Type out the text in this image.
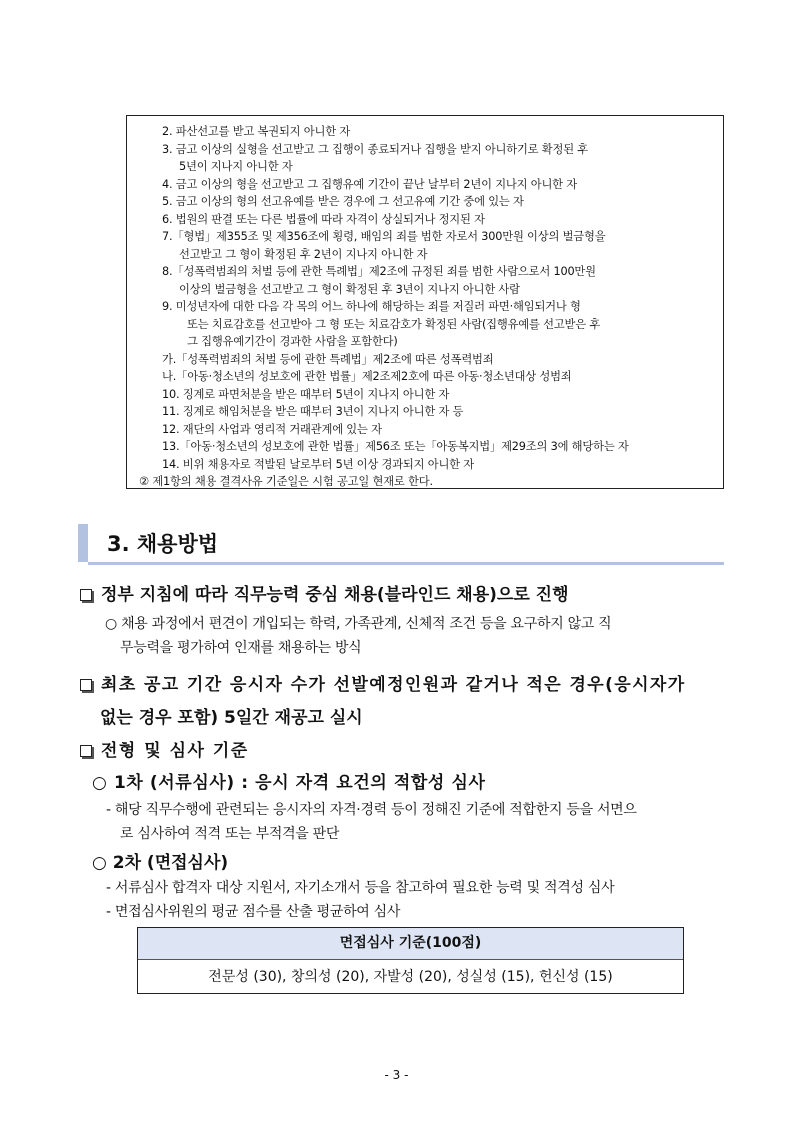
2. 파산선고를 받고 복권되지 아니한 자
3. 금고 이상의 실형을 선고받고 그 집행이 종료되거나 집행을 받지 아니하기로 확정된 후
5년이 지나지 아니한 자
4. 금고 이상의 형을 선고받고 그 집행유예 기간이 끝난 날부터 2년이 지나지 아니한 자
5. 금고 이상의 형의 선고유예를 받은 경우에 그 선고유예 기간 중에 있는 자
6. 법원의 판결 또는 다른 법률에 따라 자격이 상실되거나 정지된 자
7.「형법」제355조 및 제356조에 횡령, 배임의 죄를 범한 자로서 300만원 이상의 벌금형을
선고받고 그 형이 확정된 후 2년이 지나지 아니한 자
8.「성폭력범죄의 처벌 등에 관한 특례법」제2조에 규정된 죄를 범한 사람으로서 100만원
이상의 벌금형을 선고받고 그 형이 확정된 후 3년이 지나지 아니한 사람
9. 미성년자에 대한 다음 각 목의 어느 하나에 해당하는 죄를 저질러 파면·해임되거나 형
또는 치료감호를 선고받아 그 형 또는 치료감호가 확정된 사람(집행유예를 선고받은 후
그 집행유예기간이 경과한 사람을 포함한다)
가.「성폭력범죄의 처벌 등에 관한 특례법」제2조에 따른 성폭력범죄
나.「아동·청소년의 성보호에 관한 법률」제2조제2호에 따른 아동·청소년대상 성범죄
10. 징계로 파면처분을 받은 때부터 5년이 지나지 아니한 자
11. 징계로 해임처분을 받은 때부터 3년이 지나지 아니한 자 등
12. 재단의 사업과 영리적 거래관계에 있는 자
13.「아동·청소년의 성보호에 관한 법률」제56조 또는「아동복지법」제29조의 3에 해당하는 자
14. 비위 채용자로 적발된 날로부터 5년 이상 경과되지 아니한 자
② 제1항의 채용 결격사유 기준일은 시험 공고일 현재로 한다.
3. 채용방법
정부 지침에 따라 직무능력 중심 채용(블라인드 채용)으로 진행
○ 채용 과정에서 편견이 개입되는 학력, 가족관계, 신체적 조건 등을 요구하지 않고 직
무능력을 평가하여 인재를 채용하는 방식
최초 공고 기간 응시자 수가 선발예정인원과 같거나 적은 경우(응시자가
없는 경우 포함) 5일간 재공고 실시
전형 및 심사 기준
○ 1차 (서류심사) : 응시 자격 요건의 적합성 심사
- 해당 직무수행에 관련되는 응시자의 자격·경력 등이 정해진 기준에 적합한지 등을 서면으
로 심사하여 적격 또는 부적격을 판단
○ 2차 (면접심사)
- 서류심사 합격자 대상 지원서, 자기소개서 등을 참고하여 필요한 능력 및 적격성 심사
- 면접심사위원의 평균 점수를 산출 평균하여 심사
면접심사 기준(100점)
전문성 (30), 창의성 (20), 자발성 (20), 성실성 (15), 헌신성 (15)
- 3 -
